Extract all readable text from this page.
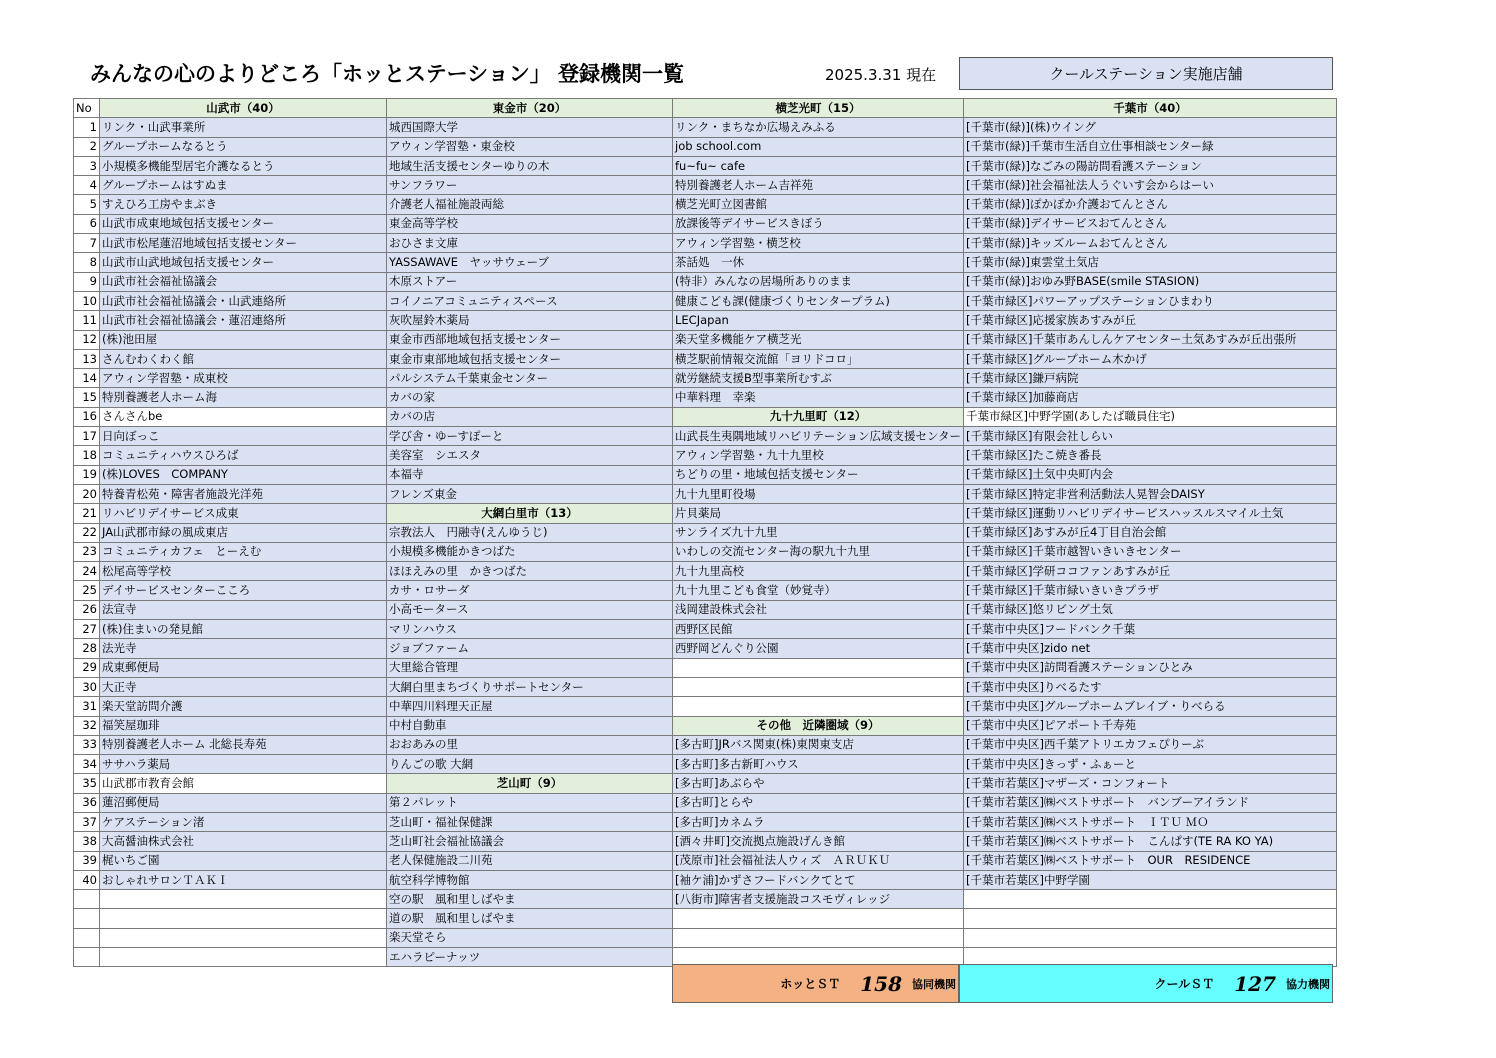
みんなの心のよりどころ「ホッとステーション」 登録機関一覧	2025.3.31 現在	クールステーション実施店舗
No	山武市（40）	東金市（20）	横芝光町（15）	千葉市（40）
1	リンク・山武事業所	城西国際大学	リンク・まちなか広場えみふる	[千葉市(緑)](株)ウイング
2	グループホームなるとう	アウィン学習塾・東金校	job school.com	[千葉市(緑)]千葉市生活自立仕事相談センター緑
3	小規模多機能型居宅介護なるとう	地域生活支援センターゆりの木	fu~fu~ cafe	[千葉市(緑)]なごみの陽訪問看護ステーション
4	グループホームはすぬま	サンフラワー	特別養護老人ホーム吉祥苑	[千葉市(緑)]社会福祉法人うぐいす会からはーい
5	すえひろ工房やまぶき	介護老人福祉施設両総	横芝光町立図書館	[千葉市(緑)]ぽかぽか介護おてんとさん
6	山武市成東地域包括支援センター	東金高等学校	放課後等デイサービスきぼう	[千葉市(緑)]デイサービスおてんとさん
7	山武市松尾蓮沼地域包括支援センター	おひさま文庫	アウィン学習塾・横芝校	[千葉市(緑)]キッズルームおてんとさん
8	山武市山武地域包括支援センター	YASSAWAVE　ヤッサウェーブ	茶話処　一休	[千葉市(緑)]東雲堂土気店
9	山武市社会福祉協議会	木原ストアー	(特非）みんなの居場所ありのまま	[千葉市(緑)]おゆみ野BASE(smile STASION)
10	山武市社会福祉協議会・山武連絡所	コイノニアコミュニティスペース	健康こども課(健康づくりセンタープラム)	[千葉市緑区]パワーアップステーションひまわり
11	山武市社会福祉協議会・蓮沼連絡所	灰吹屋鈴木薬局	LECJapan	[千葉市緑区]応援家族あすみが丘
12	(株)池田屋	東金市西部地域包括支援センター	楽天堂多機能ケア横芝光	[千葉市緑区]千葉市あんしんケアセンター土気あすみが丘出張所
13	さんむわくわく館	東金市東部地域包括支援センター	横芝駅前情報交流館「ヨリドコロ」	[千葉市緑区]グループホーム木かげ
14	アウィン学習塾・成東校	パルシステム千葉東金センター	就労継続支援B型事業所むすぶ	[千葉市緑区]鎌戸病院
15	特別養護老人ホーム海	カバの家	中華料理　幸楽	[千葉市緑区]加藤商店
16	さんさんbe	カバの店	九十九里町（12）	千葉市緑区]中野学園(あしたば職員住宅)
17	日向ぼっこ	学び舎・ゆーすぽーと	山武長生夷隅地域リハビリテーション広域支援センター	[千葉市緑区]有限会社しらい
18	コミュニティハウスひろば	美容室　シエスタ	アウィン学習塾・九十九里校	[千葉市緑区]たこ焼き番長
19	(株)LOVES　COMPANY	本福寺	ちどりの里・地域包括支援センター	[千葉市緑区]土気中央町内会
20	特養青松苑・障害者施設光洋苑	フレンズ東金	九十九里町役場	[千葉市緑区]特定非営利活動法人晃智会DAISY
21	リハビリデイサービス成東	大網白里市（13）	片貝薬局	[千葉市緑区]運動リハビリデイサービスハッスルスマイル土気
22	JA山武郡市緑の風成東店	宗教法人　円融寺(えんゆうじ)	サンライズ九十九里	[千葉市緑区]あすみが丘4丁目自治会館
23	コミュニティカフェ　とーえむ	小規模多機能かきつばた	いわしの交流センター海の駅九十九里	[千葉市緑区]千葉市越智いきいきセンター
24	松尾高等学校	ほほえみの里　かきつばた	九十九里高校	[千葉市緑区]学研ココファンあすみが丘
25	デイサービスセンターこころ	カサ・ロサーダ	九十九里こども食堂（妙覚寺）	[千葉市緑区]千葉市緑いきいきプラザ
26	法宣寺	小高モータース	浅岡建設株式会社	[千葉市緑区]悠リビング土気
27	(株)住まいの発見館	マリンハウス	西野区民館	[千葉市中央区]フードバンク千葉
28	法光寺	ジョブファーム	西野岡どんぐり公園	[千葉市中央区]zido net
29	成東郵便局	大里総合管理		[千葉市中央区]訪問看護ステーションひとみ
30	大正寺	大網白里まちづくりサポートセンター		[千葉市中央区]りべるたす
31	楽天堂訪問介護	中華四川料理天正屋		[千葉市中央区]グループホームブレイブ・りべらる
32	福笑屋珈琲	中村自動車	その他　近隣圏域（9）	[千葉市中央区]ピアポート千寿苑
33	特別養護老人ホーム 北総長寿苑	おおあみの里	[多古町]JRバス関東(株)東関東支店	[千葉市中央区]西千葉アトリエカフェぴりーぶ
34	ササハラ薬局	りんごの歌 大網	[多古町]多古新町ハウス	[千葉市中央区]きっず・ふぁーと
35	山武郡市教育会館	芝山町（9）	[多古町]あぶらや	[千葉市若葉区]マザーズ・コンフォート
36	蓮沼郵便局	第２パレット	[多古町]とらや	[千葉市若葉区]㈱ベストサポート　バンブーアイランド
37	ケアステーション渚	芝山町・福祉保健課	[多古町]カネムラ	[千葉市若葉区]㈱ベストサポート　ＩＴＵ ＭＯ
38	大高醤油株式会社	芝山町社会福祉協議会	[酒々井町]交流拠点施設げんき館	[千葉市若葉区]㈱ベストサポート　こんぱす(TE RA KO YA)
39	梶いちご園	老人保健施設二川苑	[茂原市]社会福祉法人ウィズ　ＡＲＵＫＵ	[千葉市若葉区]㈱ベストサポート　OUR　RESIDENCE
40	おしゃれサロンＴＡＫＩ	航空科学博物館	[袖ケ浦]かずさフードバンクてとて	[千葉市若葉区]中野学園
		空の駅　風和里しばやま	[八街市]障害者支援施設コスモヴィレッジ	
		道の駅　風和里しばやま		
		楽天堂そら		
		エハラピーナッツ		
ホッとＳＴ 158 協同機関	クールＳＴ 127 協力機関
